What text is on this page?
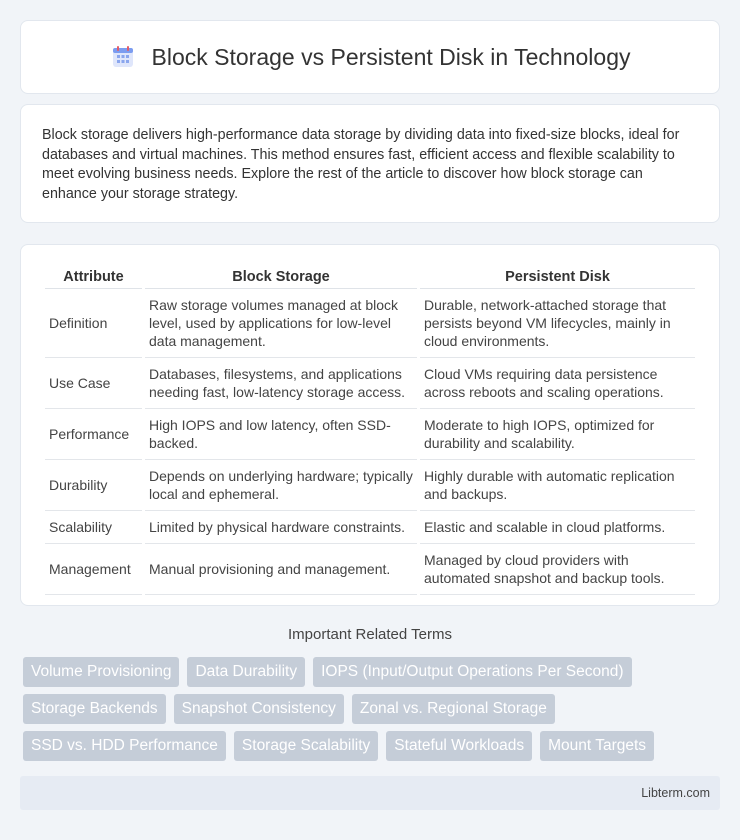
Block Storage vs Persistent Disk in Technology
Block storage delivers high-performance data storage by dividing data into fixed-size blocks, ideal for databases and virtual machines. This method ensures fast, efficient access and flexible scalability to meet evolving business needs. Explore the rest of the article to discover how block storage can enhance your storage strategy.
Attribute	Block Storage	Persistent Disk
Definition	Raw storage volumes managed at block level, used by applications for low-level data management.	Durable, network-attached storage that persists beyond VM lifecycles, mainly in cloud environments.
Use Case	Databases, filesystems, and applications needing fast, low-latency storage access.	Cloud VMs requiring data persistence across reboots and scaling operations.
Performance	High IOPS and low latency, often SSD-backed.	Moderate to high IOPS, optimized for durability and scalability.
Durability	Depends on underlying hardware; typically local and ephemeral.	Highly durable with automatic replication and backups.
Scalability	Limited by physical hardware constraints.	Elastic and scalable in cloud platforms.
Management	Manual provisioning and management.	Managed by cloud providers with automated snapshot and backup tools.
Important Related Terms
Volume Provisioning	Data Durability	IOPS (Input/Output Operations Per Second)
Storage Backends	Snapshot Consistency	Zonal vs. Regional Storage
SSD vs. HDD Performance	Storage Scalability	Stateful Workloads	Mount Targets
Libterm.com
